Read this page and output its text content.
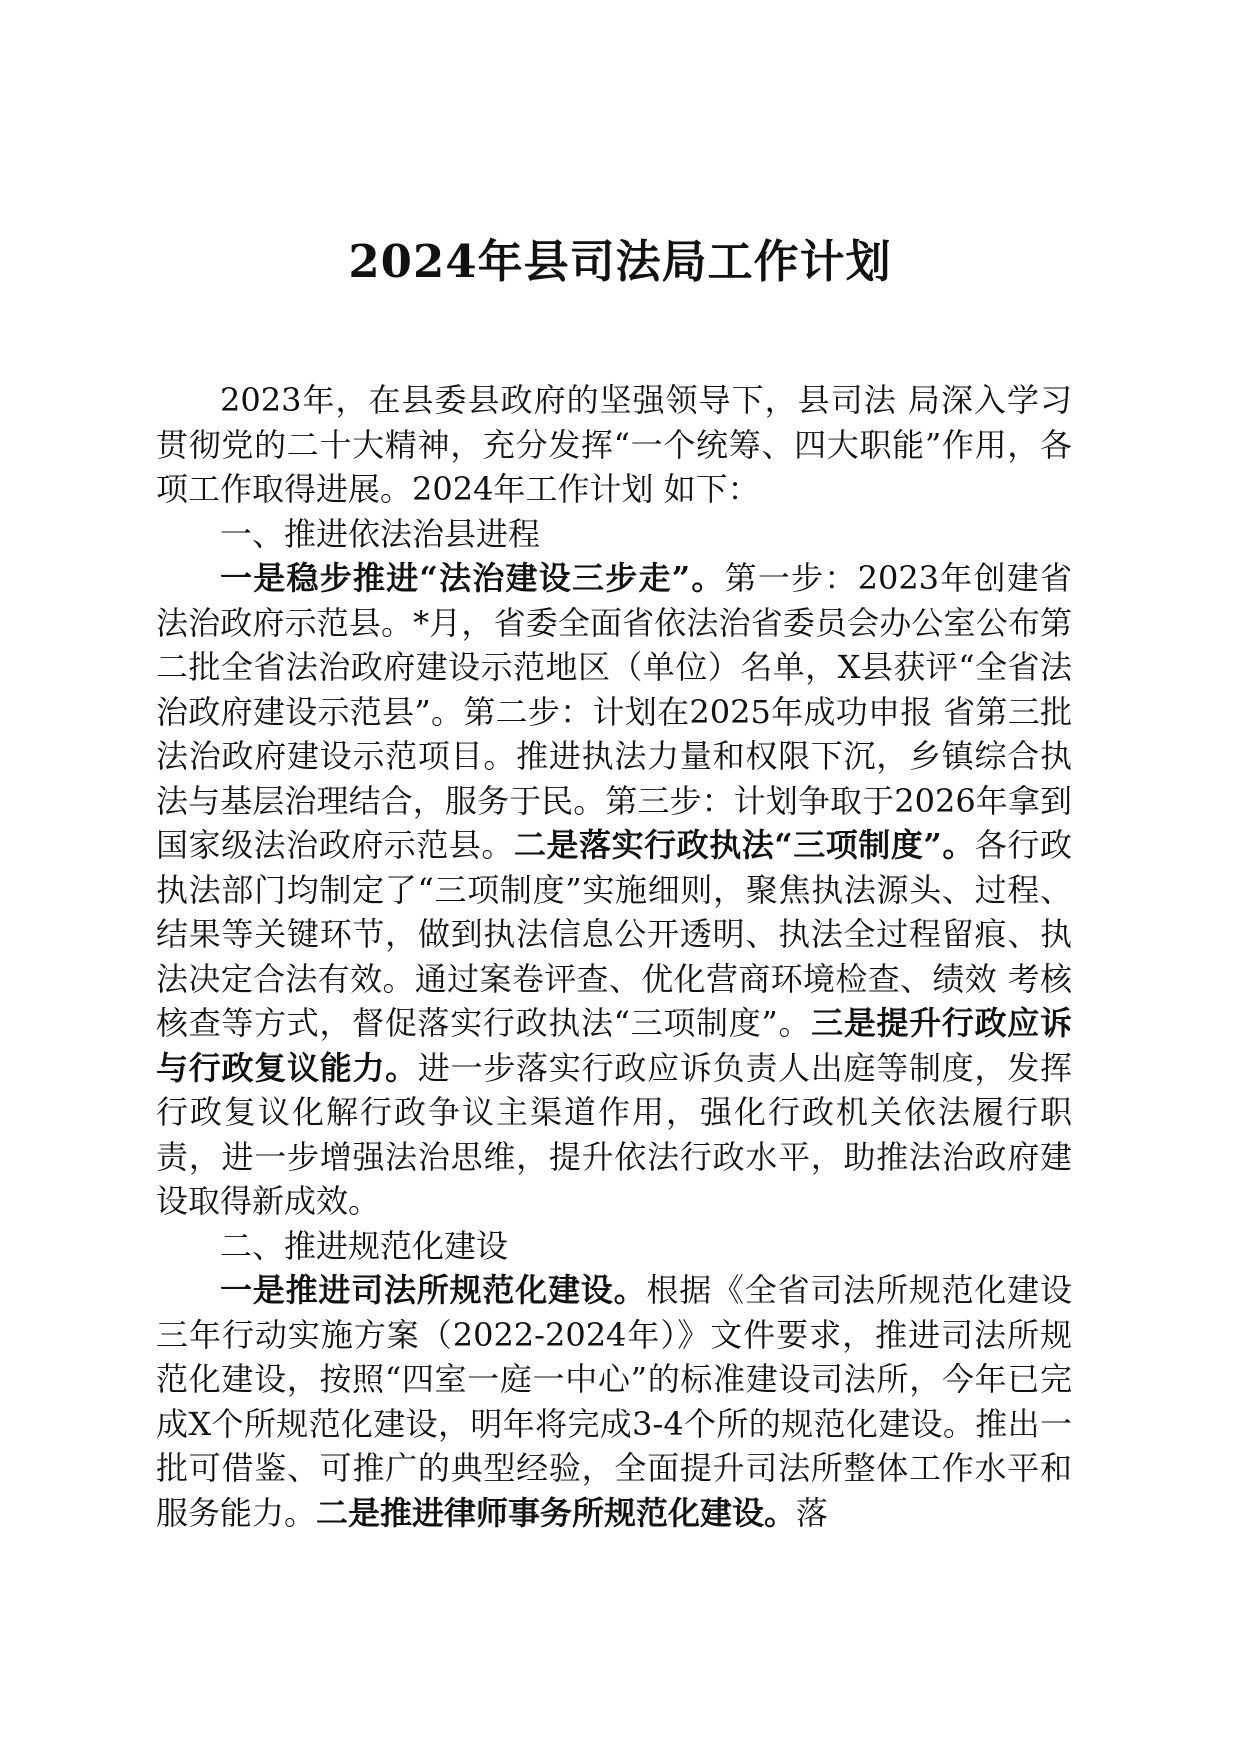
2024年县司法局工作计划

2023年，在县委县政府的坚强领导下，县司法 局深入学习贯彻党的二十大精神，充分发挥“一个统筹、四大职能”作用，各项工作取得进展。2024年工作计划 如下：

一、推进依法治县进程

一是稳步推进“法治建设三步走”。第一步：2023年创建省法治政府示范县。*月，省委全面省依法治省委员会办公室公布第二批全省法治政府建设示范地区（单位）名单，X县获评“全省法治政府建设示范县”。第二步：计划在2025年成功申报 省第三批法治政府建设示范项目。推进执法力量和权限下沉，乡镇综合执法与基层治理结合，服务于民。第三步：计划争取于2026年拿到国家级法治政府示范县。二是落实行政执法“三项制度”。各行政执法部门均制定了“三项制度”实施细则，聚焦执法源头、过程、结果等关键环节，做到执法信息公开透明、执法全过程留痕、执法决定合法有效。通过案卷评查、优化营商环境检查、绩效 考核核查等方式，督促落实行政执法“三项制度”。三是提升行政应诉与行政复议能力。进一步落实行政应诉负责人出庭等制度，发挥行政复议化解行政争议主渠道作用，强化行政机关依法履行职责，进一步增强法治思维，提升依法行政水平，助推法治政府建设取得新成效。

二、推进规范化建设

一是推进司法所规范化建设。根据《全省司法所规范化建设三年行动实施方案（2022-2024年）》文件要求，推进司法所规范化建设，按照“四室一庭一中心”的标准建设司法所，今年已完成X个所规范化建设，明年将完成3-4个所的规范化建设。推出一批可借鉴、可推广的典型经验，全面提升司法所整体工作水平和服务能力。二是推进律师事务所规范化建设。落
